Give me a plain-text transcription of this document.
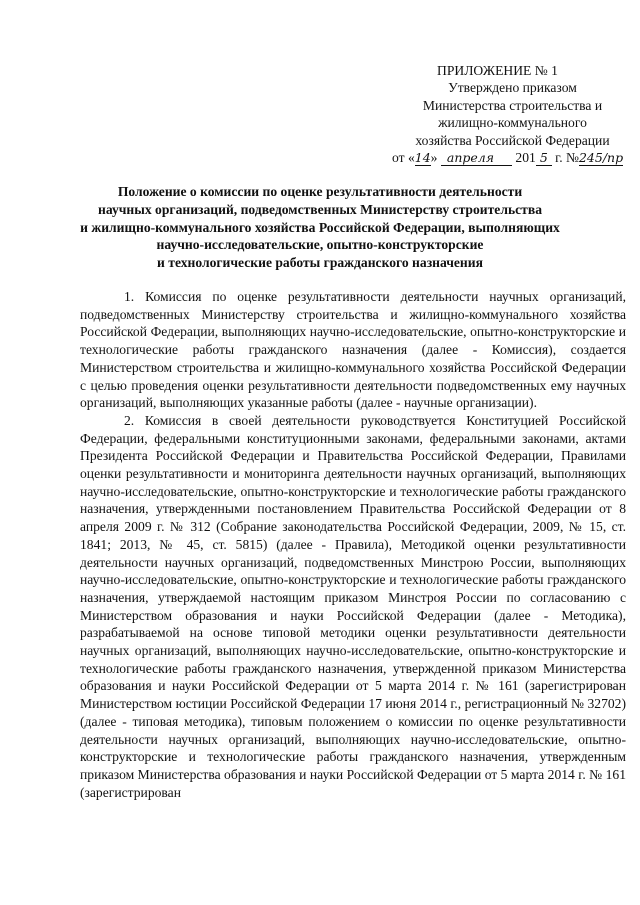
ПРИЛОЖЕНИЕ № 1
Утверждено приказом
Министерства строительства и
жилищно-коммунального
хозяйства Российской Федерации
от «14» апреля 201 5 г. №245/пр
Положение о комиссии по оценке результативности деятельности
научных организаций, подведомственных Министерству строительства
и жилищно-коммунального хозяйства Российской Федерации, выполняющих
научно-исследовательские, опытно-конструкторские
и технологические работы гражданского назначения

1. Комиссия по оценке результативности деятельности научных организаций, подведомственных Министерству строительства и жилищно-коммунального хозяйства Российской Федерации, выполняющих научно-исследовательские, опытно-конструкторские и технологические работы гражданского назначения (далее - Комиссия), создается Министерством строительства и жилищно-коммунального хозяйства Российской Федерации с целью проведения оценки результативности деятельности подведомственных ему научных организаций, выполняющих указанные работы (далее - научные организации).

2. Комиссия в своей деятельности руководствуется Конституцией Российской Федерации, федеральными конституционными законами, федеральными законами, актами Президента Российской Федерации и Правительства Российской Федерации, Правилами оценки результативности и мониторинга деятельности научных организаций, выполняющих научно-исследовательские, опытно-конструкторские и технологические работы гражданского назначения, утвержденными постановлением Правительства Российской Федерации от 8 апреля 2009 г. № 312 (Собрание законодательства Российской Федерации, 2009, № 15, ст. 1841; 2013, № 45, ст. 5815) (далее - Правила), Методикой оценки результативности деятельности научных организаций, подведомственных Минстрою России, выполняющих научно-исследовательские, опытно-конструкторские и технологические работы гражданского назначения, утверждаемой настоящим приказом Минстроя России по согласованию с Министерством образования и науки Российской Федерации (далее - Методика), разрабатываемой на основе типовой методики оценки результативности деятельности научных организаций, выполняющих научно-исследовательские, опытно-конструкторские и технологические работы гражданского назначения, утвержденной приказом Министерства образования и науки Российской Федерации от 5 марта 2014 г. № 161 (зарегистрирован Министерством юстиции Российской Федерации 17 июня 2014 г., регистрационный № 32702) (далее - типовая методика), типовым положением о комиссии по оценке результативности деятельности научных организаций, выполняющих научно-исследовательские, опытно-конструкторские и технологические работы гражданского назначения, утвержденным приказом Министерства образования и науки Российской Федерации от 5 марта 2014 г. № 161 (зарегистрирован
